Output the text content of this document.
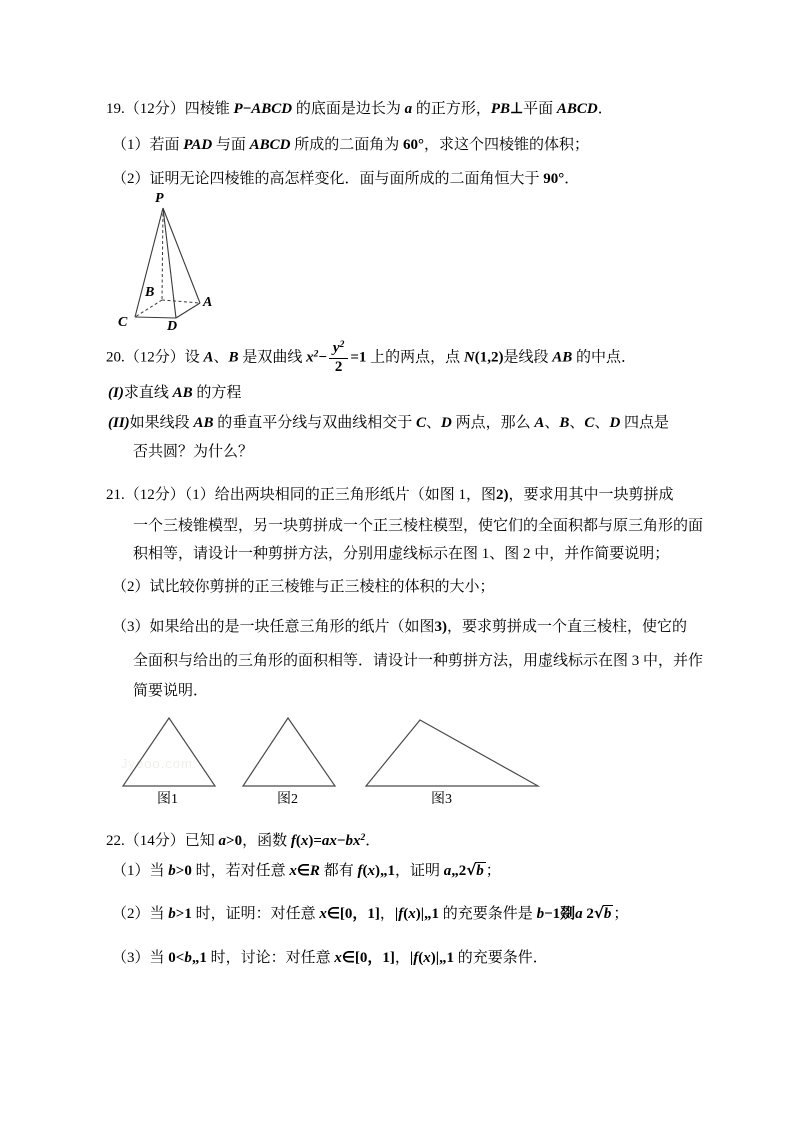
Jyeoo.com
19.（12分）四棱锥 P−ABCD 的底面是边长为 a 的正方形，PB⊥平面 ABCD．
（1）若面 PAD 与面 ABCD 所成的二面角为 60°，求这个四棱锥的体积；
（2）证明无论四棱锥的高怎样变化．面与面所成的二面角恒大于 90°．
P
B
A
C	D
20.（12分）设 A、B 是双曲线 $x^2- \frac{y^2}{2} =1$ 上的两点，点 N(1,2)是线段 AB 的中点．
(I)求直线 AB 的方程
(II)如果线段 AB 的垂直平分线与双曲线相交于 C、D 两点，那么 A、B、C、D 四点是
否共圆？为什么？
21.（12分）（1）给出两块相同的正三角形纸片（如图 1，图2)，要求用其中一块剪拼成
一个三棱锥模型，另一块剪拼成一个正三棱柱模型，使它们的全面积都与原三角形的面
积相等，请设计一种剪拼方法，分别用虚线标示在图 1、图 2 中，并作简要说明；
（2）试比较你剪拼的正三棱锥与正三棱柱的体积的大小；
（3）如果给出的是一块任意三角形的纸片（如图3)，要求剪拼成一个直三棱柱，使它的
全面积与给出的三角形的面积相等．请设计一种剪拼方法，用虚线标示在图 3 中，并作
简要说明．
图1	图2	图3
22.（14分）已知 a>0，函数 $f(x)=ax-bx^2$．
（1）当 b>0 时，若对任意 x∈R 都有 f(x)„1，证明 a„2√b ；
（2）当 b>1 时，证明：对任意 x∈[0，1]，|f(x)|„1 的充要条件是 b−1剟a 2√b ；
（3）当 0<b„1 时，讨论：对任意 x∈[0，1]，|f(x)|„1 的充要条件．
